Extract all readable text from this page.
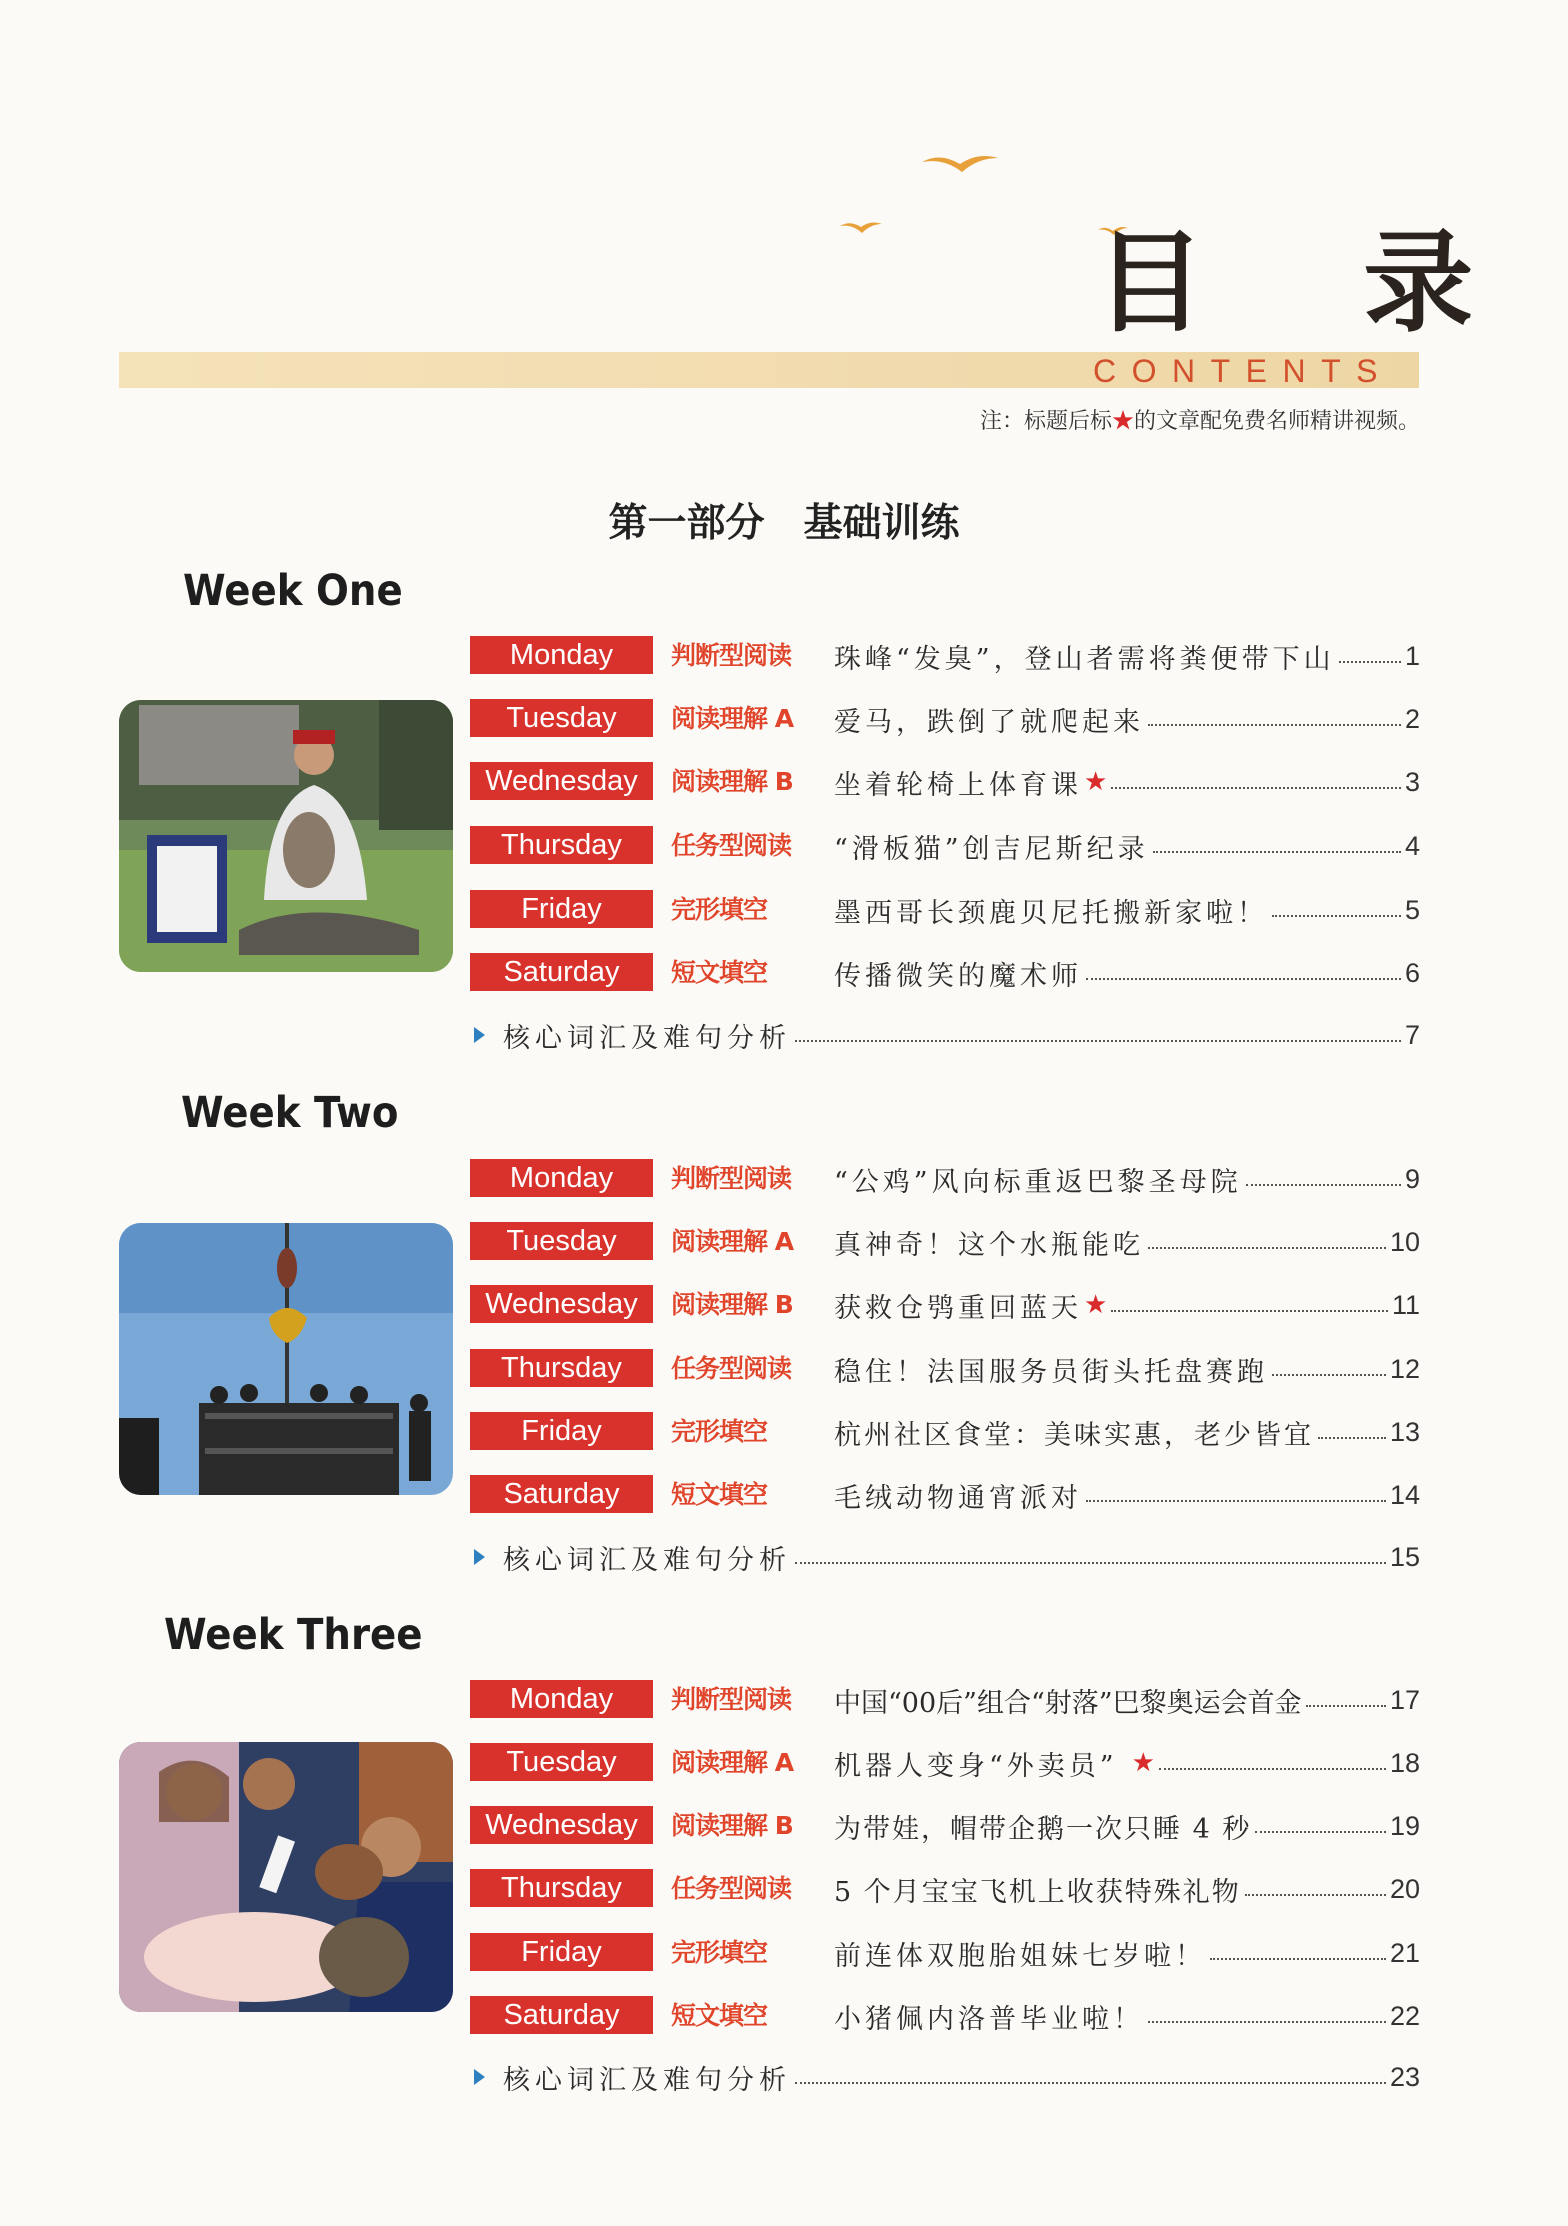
目 录
CONTENTS
注：标题后标★的文章配免费名师精讲视频。
第一部分　基础训练
Week One
Monday	判断型阅读	珠峰“发臭”，登山者需将粪便带下山	1
Tuesday	阅读理解 A	爱马，跌倒了就爬起来	2
Wednesday	阅读理解 B	坐着轮椅上体育课 ★	3
Thursday	任务型阅读	“滑板猫”创吉尼斯纪录	4
Friday	完形填空	墨西哥长颈鹿贝尼托搬新家啦！	5
Saturday	短文填空	传播微笑的魔术师	6
核心词汇及难句分析	7
Week Two
Monday	判断型阅读	“公鸡”风向标重返巴黎圣母院	9
Tuesday	阅读理解 A	真神奇！这个水瓶能吃	10
Wednesday	阅读理解 B	获救仓鸮重回蓝天 ★	11
Thursday	任务型阅读	稳住！法国服务员街头托盘赛跑	12
Friday	完形填空	杭州社区食堂：美味实惠，老少皆宜	13
Saturday	短文填空	毛绒动物通宵派对	14
核心词汇及难句分析	15
Week Three
Monday	判断型阅读	中国“00后”组合“射落”巴黎奥运会首金	17
Tuesday	阅读理解 A	机器人变身“外卖员” ★	18
Wednesday	阅读理解 B	为带娃，帽带企鹅一次只睡 4 秒	19
Thursday	任务型阅读	5 个月宝宝飞机上收获特殊礼物	20
Friday	完形填空	前连体双胞胎姐妹七岁啦！	21
Saturday	短文填空	小猪佩内洛普毕业啦！	22
核心词汇及难句分析	23
